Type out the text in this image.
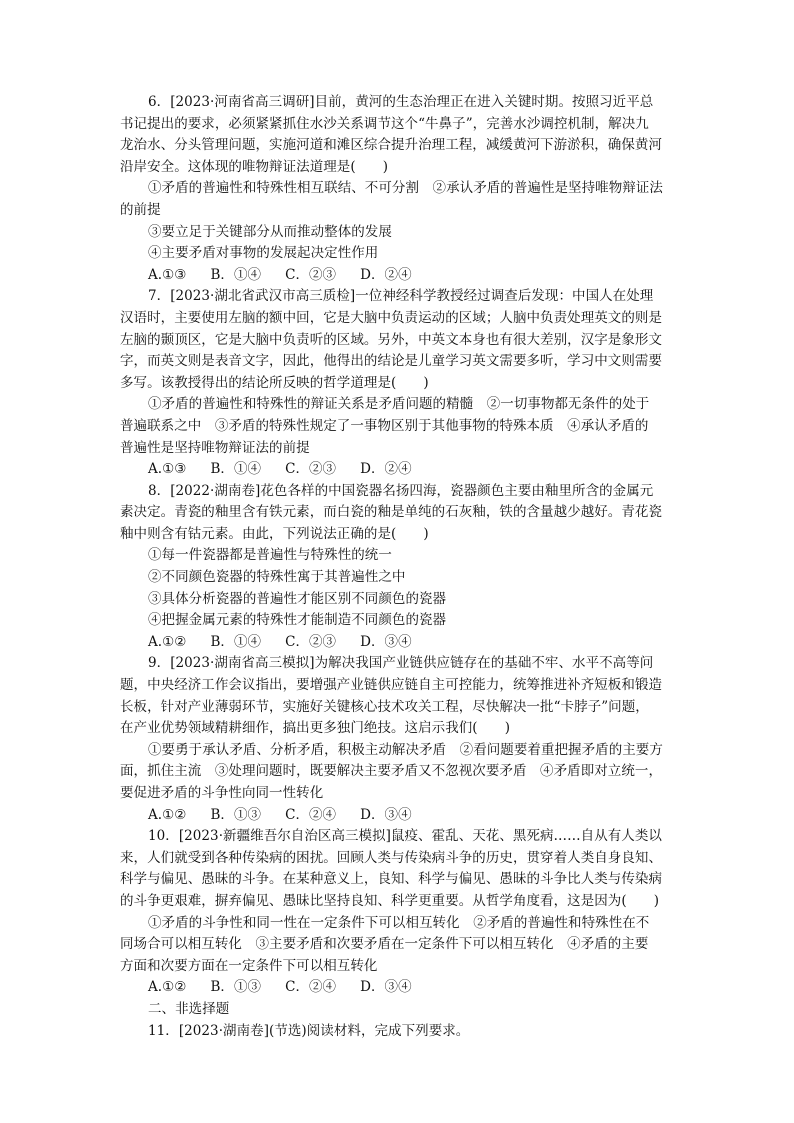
6．[2023·河南省高三调研]目前，黄河的生态治理正在进入关键时期。按照习近平总
书记提出的要求，必须紧紧抓住水沙关系调节这个“牛鼻子”，完善水沙调控机制，解决九
龙治水、分头管理问题，实施河道和滩区综合提升治理工程，减缓黄河下游淤积，确保黄河
沿岸安全。这体现的唯物辩证法道理是(　　)
①矛盾的普遍性和特殊性相互联结、不可分割　②承认矛盾的普遍性是坚持唯物辩证法
的前提
③要立足于关键部分从而推动整体的发展
④主要矛盾对事物的发展起决定性作用
A.①③ B．①④ C．②③ D．②④
7．[2023·湖北省武汉市高三质检]一位神经科学教授经过调查后发现：中国人在处理
汉语时，主要使用左脑的额中回，它是大脑中负责运动的区域；人脑中负责处理英文的则是
左脑的颞顶区，它是大脑中负责听的区域。另外，中英文本身也有很大差别，汉字是象形文
字，而英文则是表音文字，因此，他得出的结论是儿童学习英文需要多听，学习中文则需要
多写。该教授得出的结论所反映的哲学道理是(　　)
①矛盾的普遍性和特殊性的辩证关系是矛盾问题的精髓　②一切事物都无条件的处于
普遍联系之中　③矛盾的特殊性规定了一事物区别于其他事物的特殊本质　④承认矛盾的
普遍性是坚持唯物辩证法的前提
A.①③ B．①④ C．②③ D．②④
8．[2022·湖南卷]花色各样的中国瓷器名扬四海，瓷器颜色主要由釉里所含的金属元
素决定。青瓷的釉里含有铁元素，而白瓷的釉是单纯的石灰釉，铁的含量越少越好。青花瓷
釉中则含有钴元素。由此，下列说法正确的是(　　)
①每一件瓷器都是普遍性与特殊性的统一
②不同颜色瓷器的特殊性寓于其普遍性之中
③具体分析瓷器的普遍性才能区别不同颜色的瓷器
④把握金属元素的特殊性才能制造不同颜色的瓷器
A.①② B．①④ C．②③ D．③④
9．[2023·湖南省高三模拟]为解决我国产业链供应链存在的基础不牢、水平不高等问
题，中央经济工作会议指出，要增强产业链供应链自主可控能力，统筹推进补齐短板和锻造
长板，针对产业薄弱环节，实施好关键核心技术攻关工程，尽快解决一批“卡脖子”问题，
在产业优势领域精耕细作，搞出更多独门绝技。这启示我们(　　)
①要勇于承认矛盾、分析矛盾，积极主动解决矛盾　②看问题要着重把握矛盾的主要方
面，抓住主流　③处理问题时，既要解决主要矛盾又不忽视次要矛盾　④矛盾即对立统一，
要促进矛盾的斗争性向同一性转化
A.①② B．①③ C．②④ D．③④
10．[2023·新疆维吾尔自治区高三模拟]鼠疫、霍乱、天花、黑死病……自从有人类以
来，人们就受到各种传染病的困扰。回顾人类与传染病斗争的历史，贯穿着人类自身良知、
科学与偏见、愚昧的斗争。在某种意义上，良知、科学与偏见、愚昧的斗争比人类与传染病
的斗争更艰难，摒弃偏见、愚昧比坚持良知、科学更重要。从哲学角度看，这是因为(　　)
①矛盾的斗争性和同一性在一定条件下可以相互转化　②矛盾的普遍性和特殊性在不
同场合可以相互转化　③主要矛盾和次要矛盾在一定条件下可以相互转化　④矛盾的主要
方面和次要方面在一定条件下可以相互转化
A.①② B．①③ C．②④ D．③④
二、非选择题
11．[2023·湖南卷](节选)阅读材料，完成下列要求。
